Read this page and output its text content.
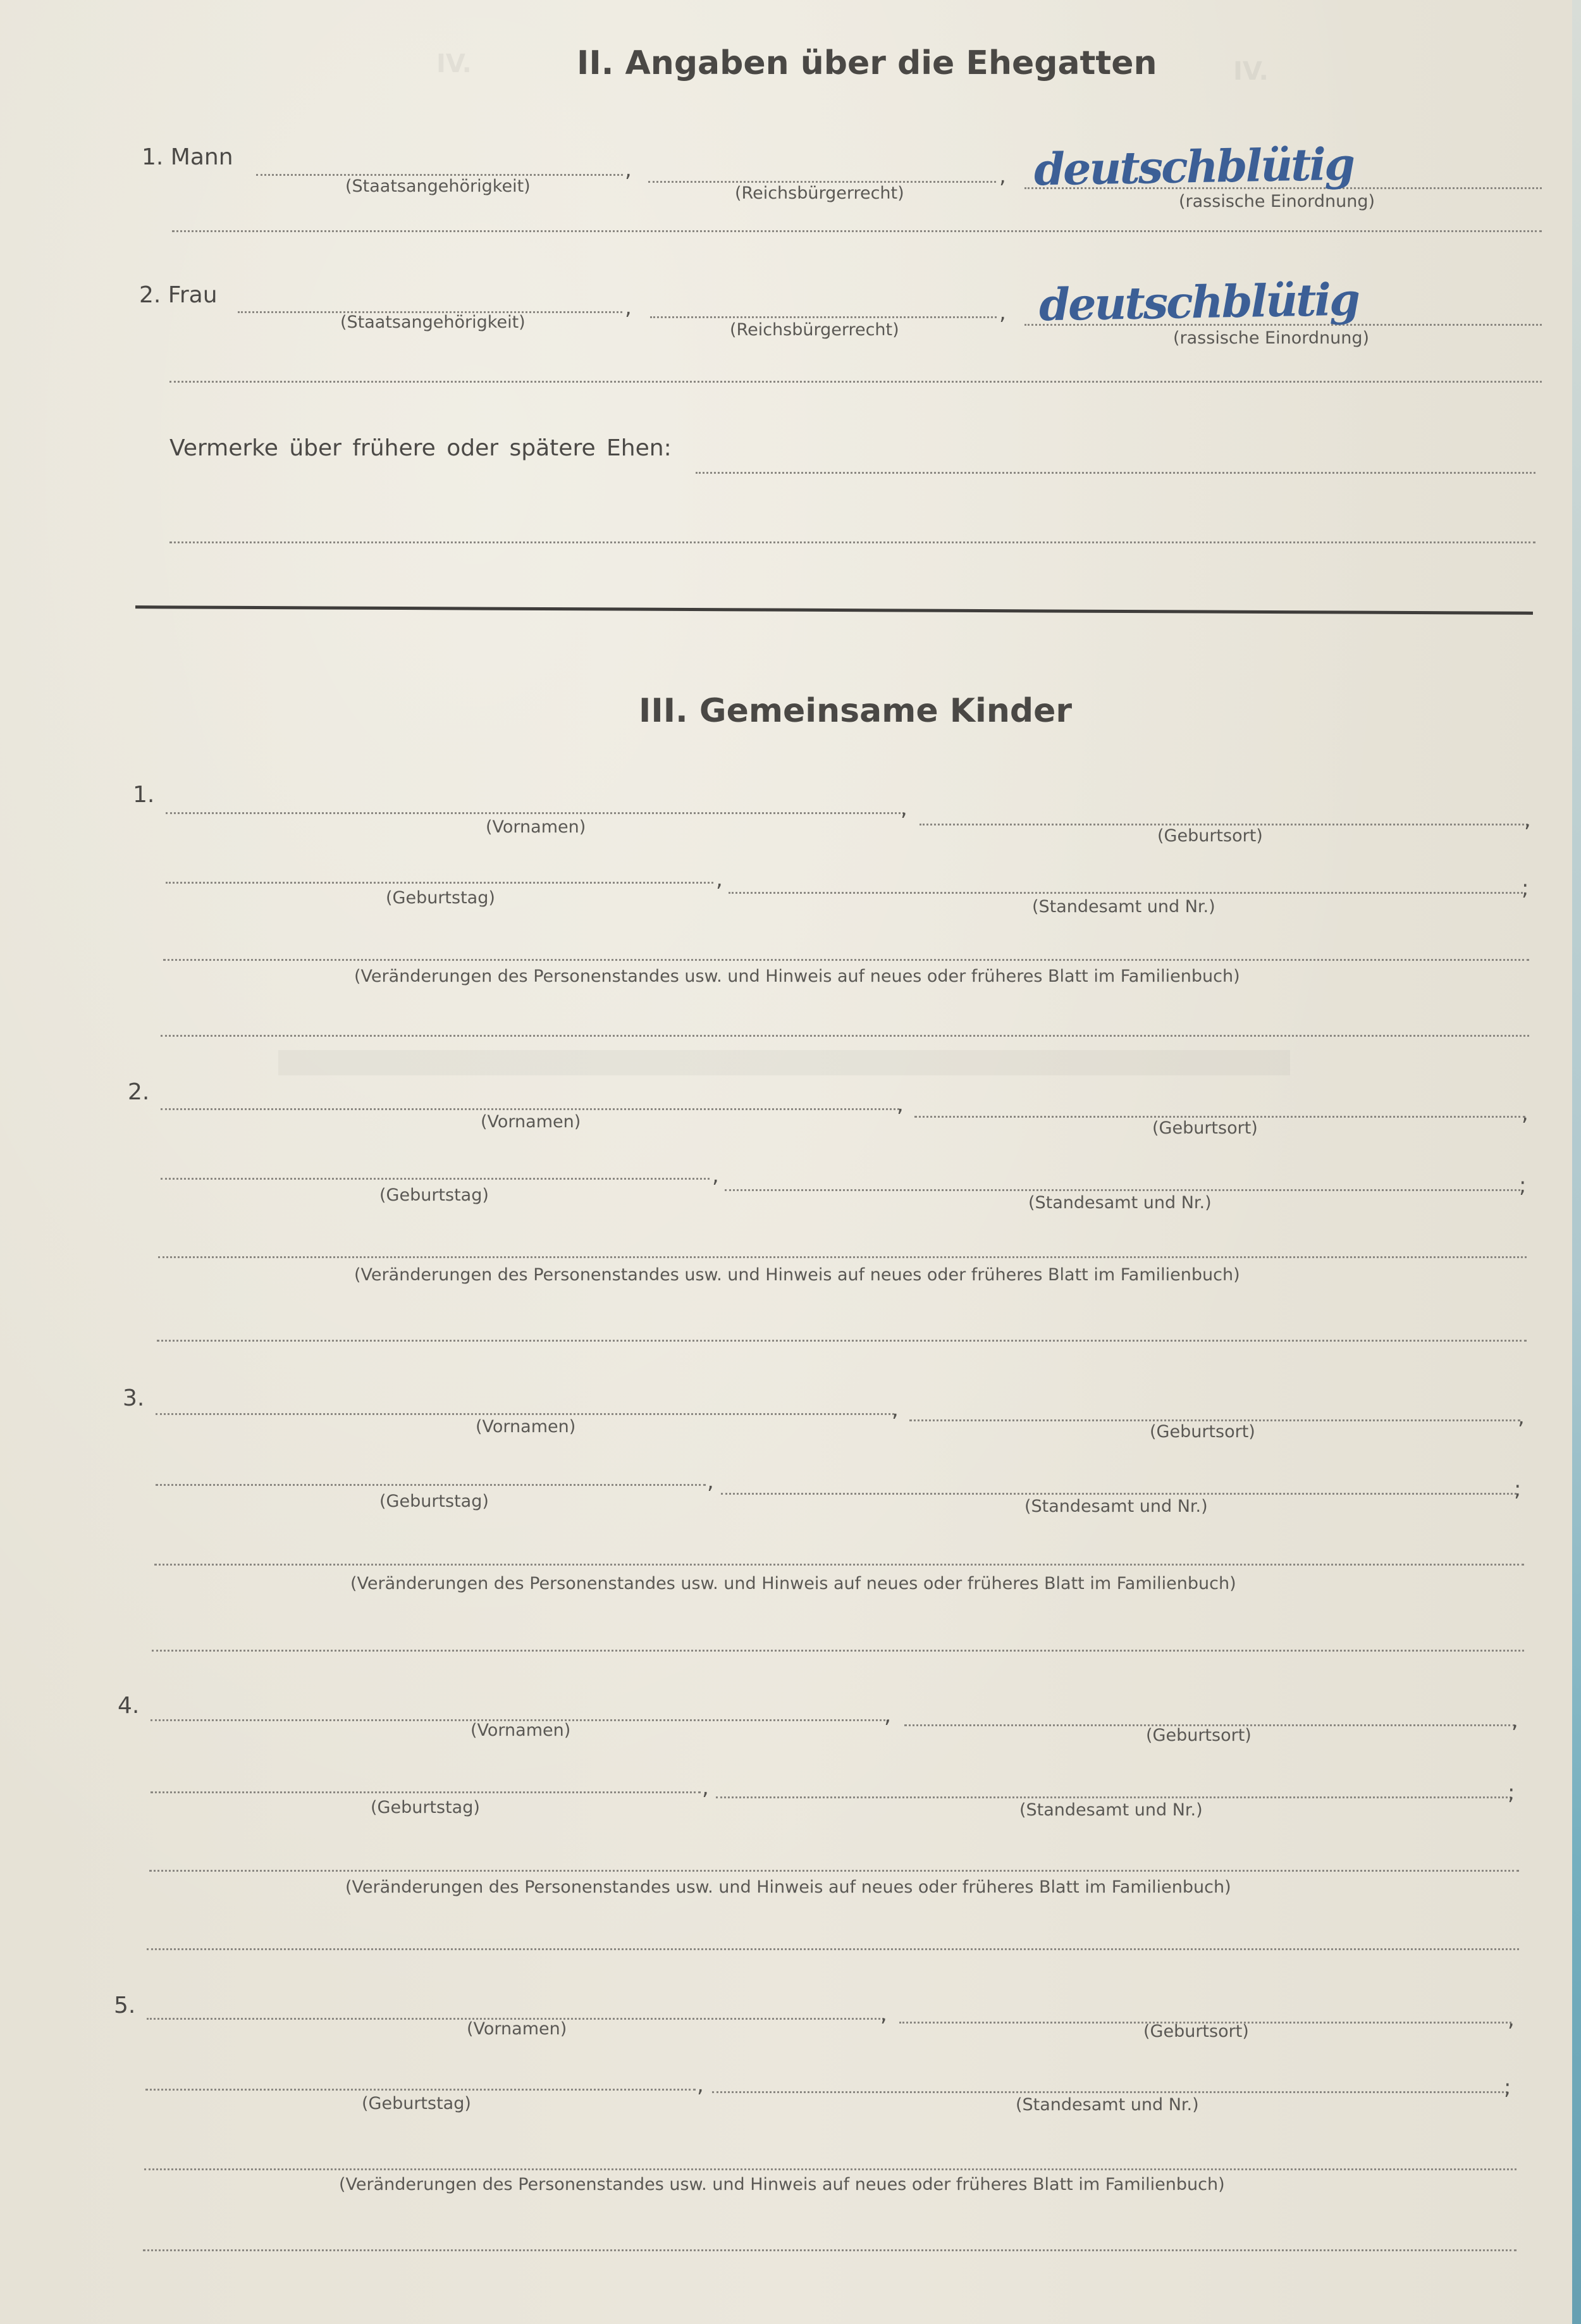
IV.	IV.
II. Angaben über die Ehegatten
1. Mann	,	, deutschblütig
(Staatsangehörigkeit)	(Reichsbürgerrecht)	(rassische Einordnung)
2. Frau	,	, deutschblütig
(Staatsangehörigkeit)	(Reichsbürgerrecht)	(rassische Einordnung)
Vermerke über frühere oder spätere Ehen:
III. Gemeinsame Kinder
1.
,	,
(Vornamen)	(Geburtsort)
,	;
(Geburtstag)	(Standesamt und Nr.)
(Veränderungen des Personenstandes usw. und Hinweis auf neues oder früheres Blatt im Familienbuch)
2.	,	,
(Vornamen)	(Geburtsort)
,	;
(Geburtstag)	(Standesamt und Nr.)
(Veränderungen des Personenstandes usw. und Hinweis auf neues oder früheres Blatt im Familienbuch)
3.	,	,
(Vornamen)	(Geburtsort)
,	;
(Geburtstag)	(Standesamt und Nr.)
(Veränderungen des Personenstandes usw. und Hinweis auf neues oder früheres Blatt im Familienbuch)
4.	,	,
(Vornamen)	(Geburtsort)
,	;
(Geburtstag)	(Standesamt und Nr.)
(Veränderungen des Personenstandes usw. und Hinweis auf neues oder früheres Blatt im Familienbuch)
5.	,	,
(Vornamen)	(Geburtsort)
,	;
(Geburtstag)	(Standesamt und Nr.)
(Veränderungen des Personenstandes usw. und Hinweis auf neues oder früheres Blatt im Familienbuch)
